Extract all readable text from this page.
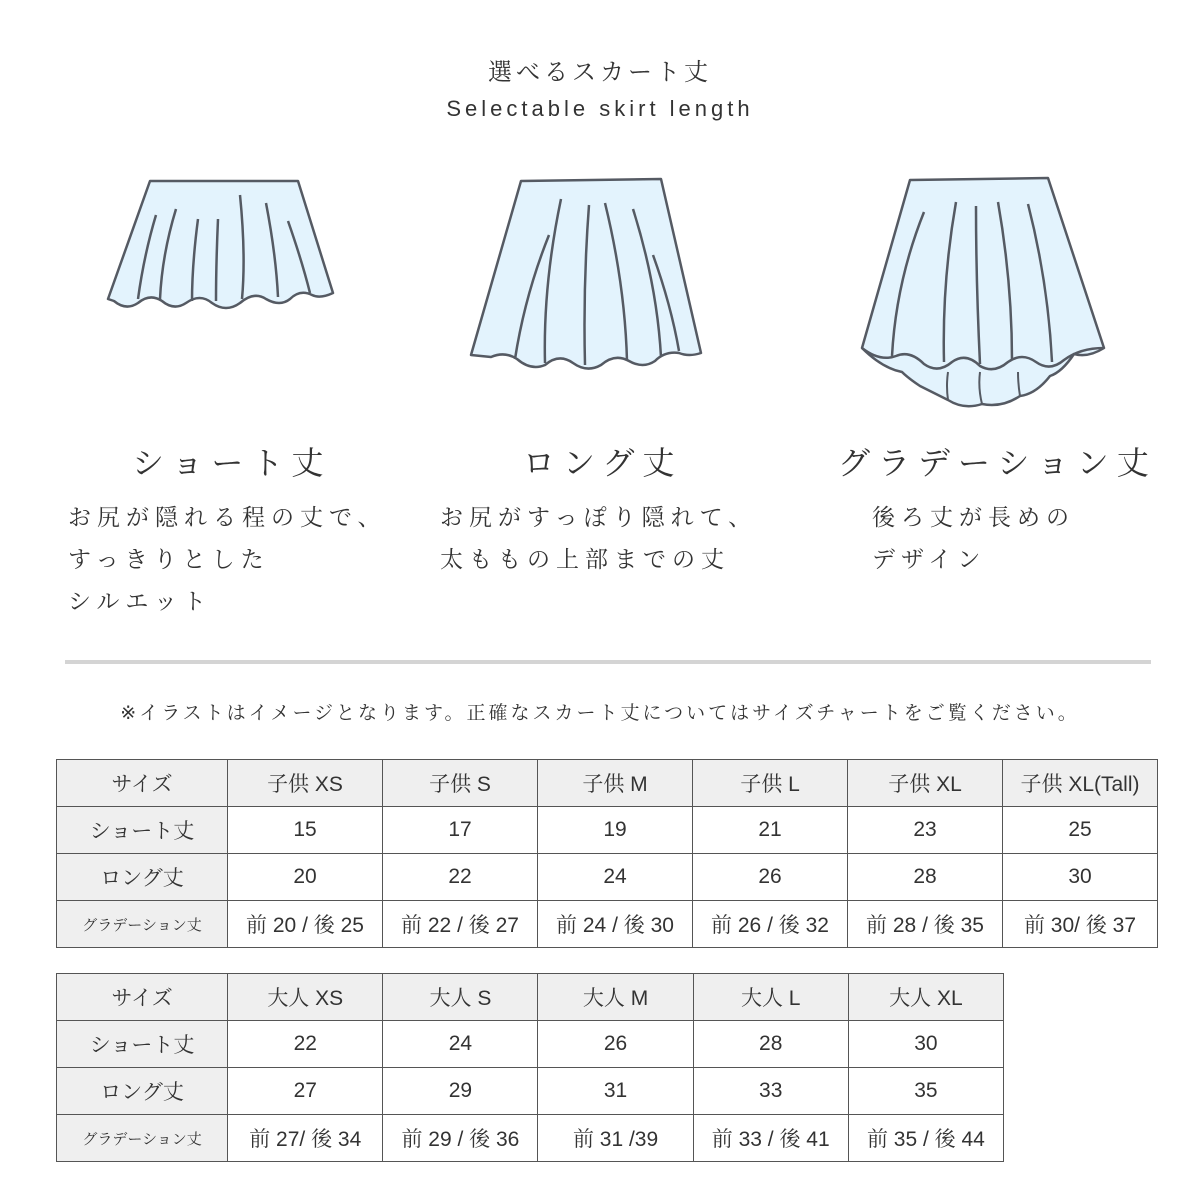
選べるスカート丈
Selectable skirt length
ショート丈	ロング丈	グラデーション丈
お尻が隠れる程の丈で、
すっきりとした
シルエット
お尻がすっぽり隠れて、
太ももの上部までの丈
後ろ丈が長めの
デザイン
※イラストはイメージとなります。正確なスカート丈についてはサイズチャートをご覧ください。
サイズ	子供 XS	子供 S	子供 M	子供 L	子供 XL	子供 XL(Tall)
ショート丈	15	17	19	21	23	25
ロング丈	20	22	24	26	28	30
グラデーション丈	前 20 / 後 25	前 22 / 後 27	前 24 / 後 30	前 26 / 後 32	前 28 / 後 35	前 30/ 後 37
サイズ	大人 XS	大人 S	大人 M	大人 L	大人 XL
ショート丈	22	24	26	28	30
ロング丈	27	29	31	33	35
グラデーション丈	前 27/ 後 34	前 29 / 後 36	前 31 /39	前 33 / 後 41	前 35 / 後 44
